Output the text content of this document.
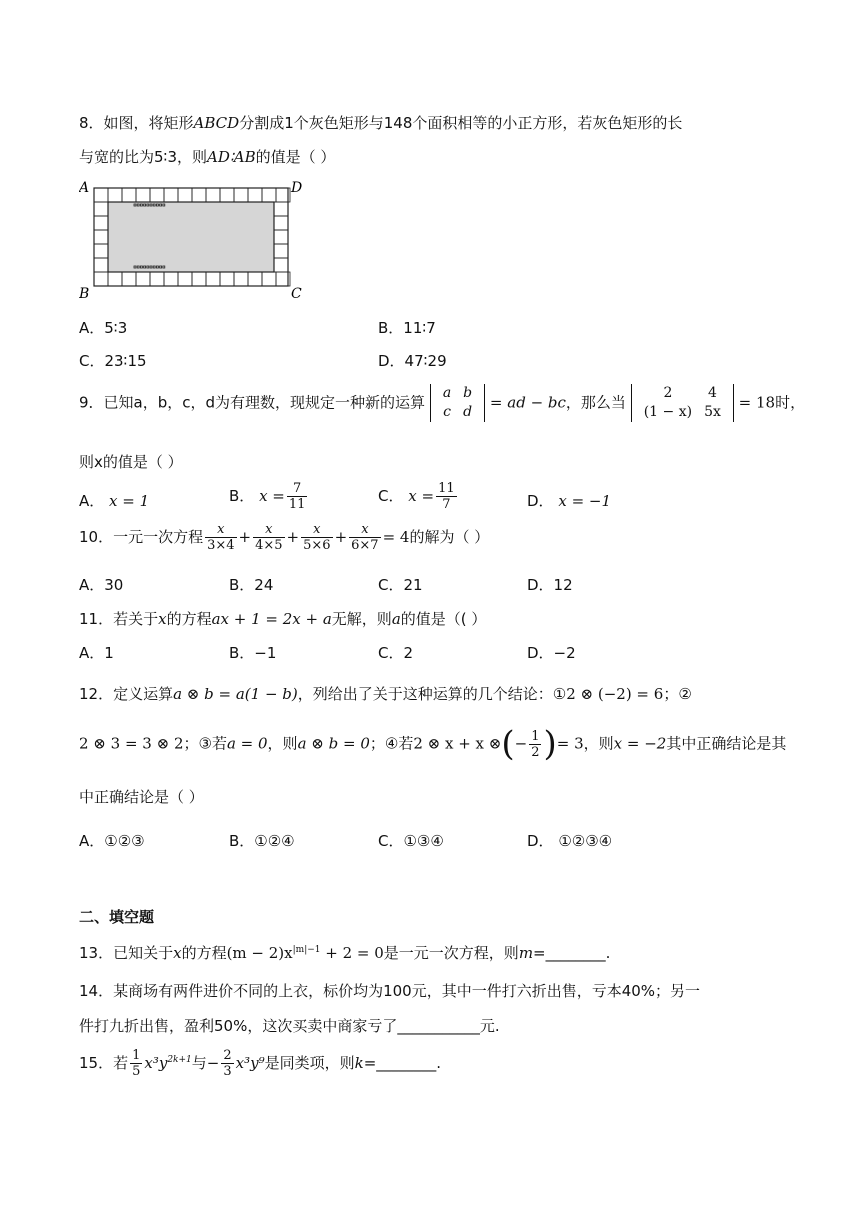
8．如图，将矩形ABCD分割成1个灰色矩形与148个面积相等的小正方形，若灰色矩形的长
与宽的比为5∶3，则AD∶AB的值是（ ）
A	D
B	C
A．5∶3	B．11∶7
C．23∶15	D．47∶29
9．已知a，b，c，d为有理数，现规定一种新的运算
a	b
c	d
= ad − bc，那么当
2	4
(1 − x)	5x
= 18时，
则x的值是（ ）
A． x = 1	B． $x = \frac{7}{11}$	C． $x = \frac{11}{7}$	D． x = −1
10．一元一次方程 $\frac{x}{3\times 4} + \frac{x}{4\times 5} + \frac{x}{5\times 6} + \frac{x}{6\times 7} = 4$的解为（ ）
A．30	B．24	C．21	D．12
11．若关于x的方程ax + 1 = 2x + a无解，则a的值是（( ）
A．1	B．−1	C．2	D．−2
12．定义运算a ⊗ b = a(1 − b)，列给出了关于这种运算的几个结论：①2 ⊗ (−2) = 6；②
2 ⊗ 3 = 3 ⊗ 2；③若a = 0，则a ⊗ b = 0；④若2 ⊗ x + x ⊗(− $\frac{1}{2}$ )= 3，则x = −2其中正确结论是其
中正确结论是（ ）
A．①②③	B．①②④	C．①③④	D． ①②③④
二、填空题
13．已知关于x的方程$(m - 2)x^{|m|-1} + 2 = 0$是一元一次方程，则m=________.
14．某商场有两件进价不同的上衣，标价均为100元，其中一件打六折出售，亏本40%；另一
件打九折出售，盈利50%，这次买卖中商家亏了___________元.
15．若 $\frac{1}{5} x^3y^{2k+1}$与− $\frac{2}{3} x^3y^9$是同类项，则k=________.
